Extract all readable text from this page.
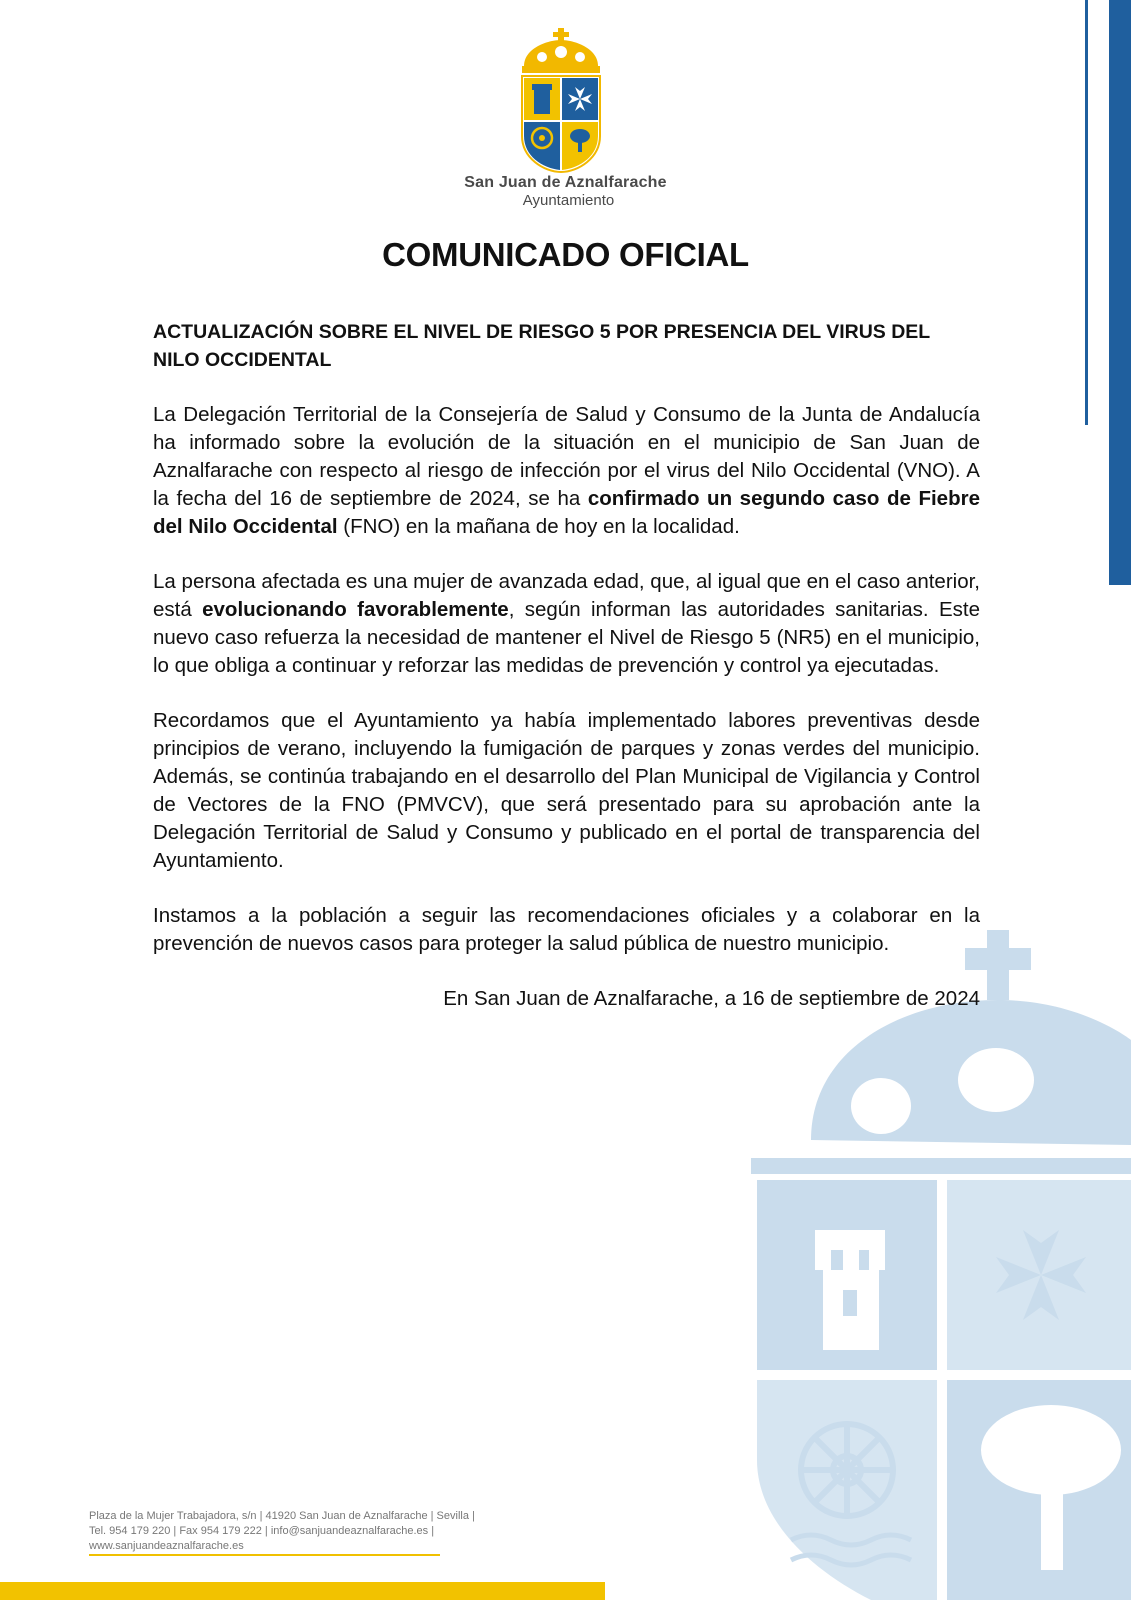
San Juan de Aznalfarache
Ayuntamiento
COMUNICADO OFICIAL

ACTUALIZACIÓN SOBRE EL NIVEL DE RIESGO 5 POR PRESENCIA DEL VIRUS DEL NILO OCCIDENTAL

La Delegación Territorial de la Consejería de Salud y Consumo de la Junta de Andalucía ha informado sobre la evolución de la situación en el municipio de San Juan de Aznalfarache con respecto al riesgo de infección por el virus del Nilo Occidental (VNO). A la fecha del 16 de septiembre de 2024, se ha confirmado un segundo caso de Fiebre del Nilo Occidental (FNO) en la mañana de hoy en la localidad.

La persona afectada es una mujer de avanzada edad, que, al igual que en el caso anterior, está evolucionando favorablemente, según informan las autoridades sanitarias. Este nuevo caso refuerza la necesidad de mantener el Nivel de Riesgo 5 (NR5) en el municipio, lo que obliga a continuar y reforzar las medidas de prevención y control ya ejecutadas.

Recordamos que el Ayuntamiento ya había implementado labores preventivas desde principios de verano, incluyendo la fumigación de parques y zonas verdes del municipio. Además, se continúa trabajando en el desarrollo del Plan Municipal de Vigilancia y Control de Vectores de la FNO (PMVCV), que será presentado para su aprobación ante la Delegación Territorial de Salud y Consumo y publicado en el portal de transparencia del Ayuntamiento.

Instamos a la población a seguir las recomendaciones oficiales y a colaborar en la prevención de nuevos casos para proteger la salud pública de nuestro municipio.

En San Juan de Aznalfarache, a 16 de septiembre de 2024

Plaza de la Mujer Trabajadora, s/n | 41920 San Juan de Aznalfarache | Sevilla |
Tel. 954 179 220 | Fax 954 179 222 | info@sanjuandeaznalfarache.es |
www.sanjuandeaznalfarache.es
